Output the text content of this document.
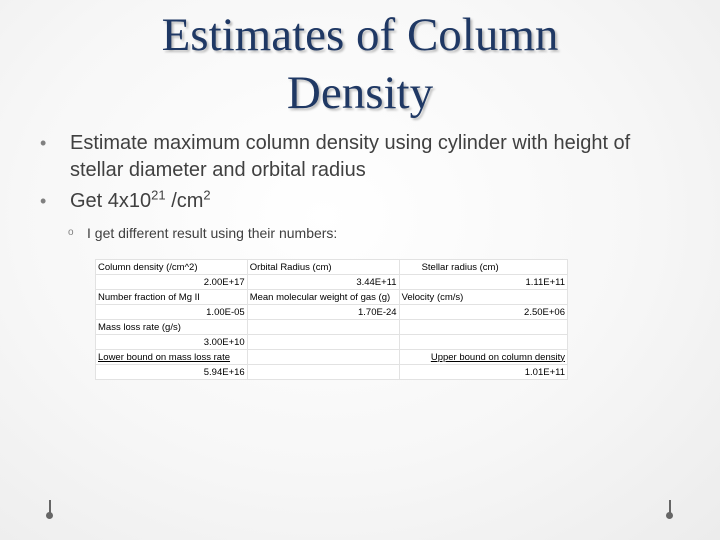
Estimates of Column
Density
• Estimate maximum column density using cylinder with height of stellar diameter and orbital radius
• Get $4x10^{21}$ $/cm^2$
o I get different result using their numbers:
Column density (/cm^2)	Orbital Radius (cm)	Stellar radius (cm)
2.00E+17	3.44E+11	1.11E+11
Number fraction of Mg II	Mean molecular weight of gas (g)	Velocity (cm/s)
1.00E-05	1.70E-24	2.50E+06
Mass loss rate (g/s)		
3.00E+10		
Lower bound on mass loss rate		Upper bound on column density
5.94E+16		1.01E+11
